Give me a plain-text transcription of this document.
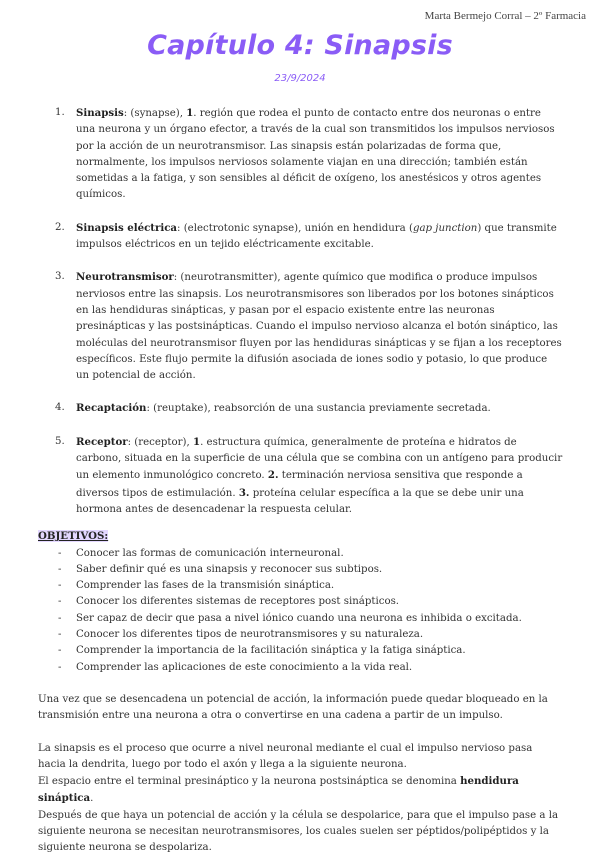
Marta Bermejo Corral – 2º Farmacia
Capítulo 4: Sinapsis
23/9/2024
1. Sinapsis: (synapse), 1. región que rodea el punto de contacto entre dos neuronas o entre una neurona y un órgano efector, a través de la cual son transmitidos los impulsos nerviosos por la acción de un neurotransmisor. Las sinapsis están polarizadas de forma que, normalmente, los impulsos nerviosos solamente viajan en una dirección; también están sometidas a la fatiga, y son sensibles al déficit de oxígeno, los anestésicos y otros agentes químicos.
2. Sinapsis eléctrica: (electrotonic synapse), unión en hendidura (gap junction) que transmite impulsos eléctricos en un tejido eléctricamente excitable.
3. Neurotransmisor: (neurotransmitter), agente químico que modifica o produce impulsos nerviosos entre las sinapsis. Los neurotransmisores son liberados por los botones sinápticos en las hendiduras sinápticas, y pasan por el espacio existente entre las neuronas presinápticas y las postsinápticas. Cuando el impulso nervioso alcanza el botón sináptico, las moléculas del neurotransmisor fluyen por las hendiduras sinápticas y se fijan a los receptores específicos. Este flujo permite la difusión asociada de iones sodio y potasio, lo que produce un potencial de acción.
4. Recaptación: (reuptake), reabsorción de una sustancia previamente secretada.
5. Receptor: (receptor), 1. estructura química, generalmente de proteína e hidratos de carbono, situada en la superficie de una célula que se combina con un antígeno para producir un elemento inmunológico concreto. 2. terminación nerviosa sensitiva que responde a diversos tipos de estimulación. 3. proteína celular específica a la que se debe unir una hormona antes de desencadenar la respuesta celular.
OBJETIVOS:
- Conocer las formas de comunicación interneuronal.
- Saber definir qué es una sinapsis y reconocer sus subtipos.
- Comprender las fases de la transmisión sináptica.
- Conocer los diferentes sistemas de receptores post sinápticos.
- Ser capaz de decir que pasa a nivel iónico cuando una neurona es inhibida o excitada.
- Conocer los diferentes tipos de neurotransmisores y su naturaleza.
- Comprender la importancia de la facilitación sináptica y la fatiga sináptica.
- Comprender las aplicaciones de este conocimiento a la vida real.

Una vez que se desencadena un potencial de acción, la información puede quedar bloqueado en la transmisión entre una neurona a otra o convertirse en una cadena a partir de un impulso.

La sinapsis es el proceso que ocurre a nivel neuronal mediante el cual el impulso nervioso pasa hacia la dendrita, luego por todo el axón y llega a la siguiente neurona.

El espacio entre el terminal presináptico y la neurona postsináptica se denomina hendidura sináptica.

Después de que haya un potencial de acción y la célula se despolarice, para que el impulso pase a la siguiente neurona se necesitan neurotransmisores, los cuales suelen ser péptidos/polipéptidos y la siguiente neurona se despolariza.
